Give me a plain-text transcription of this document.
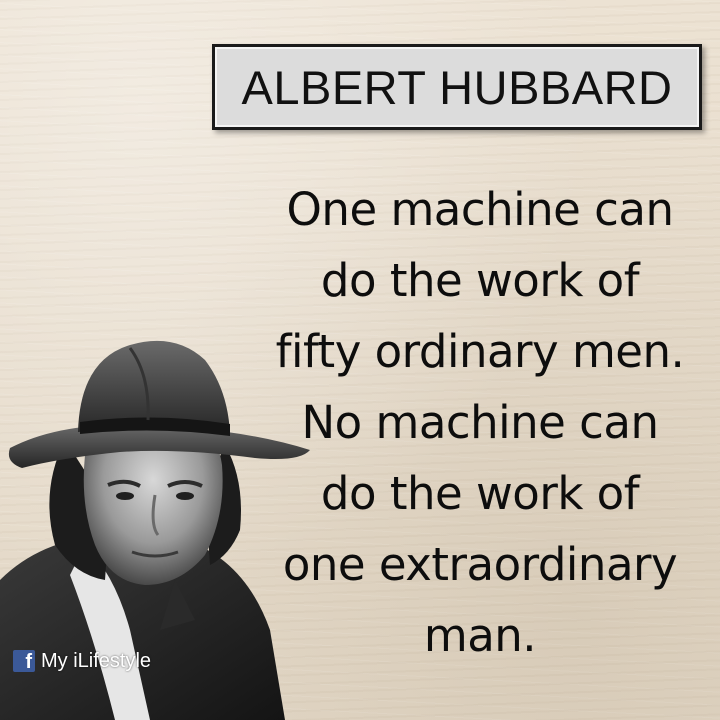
ALBERT HUBBARD
One machine can
do the work of
fifty ordinary men.
No machine can
do the work of
one extraordinary
man.
f My iLifestyle
